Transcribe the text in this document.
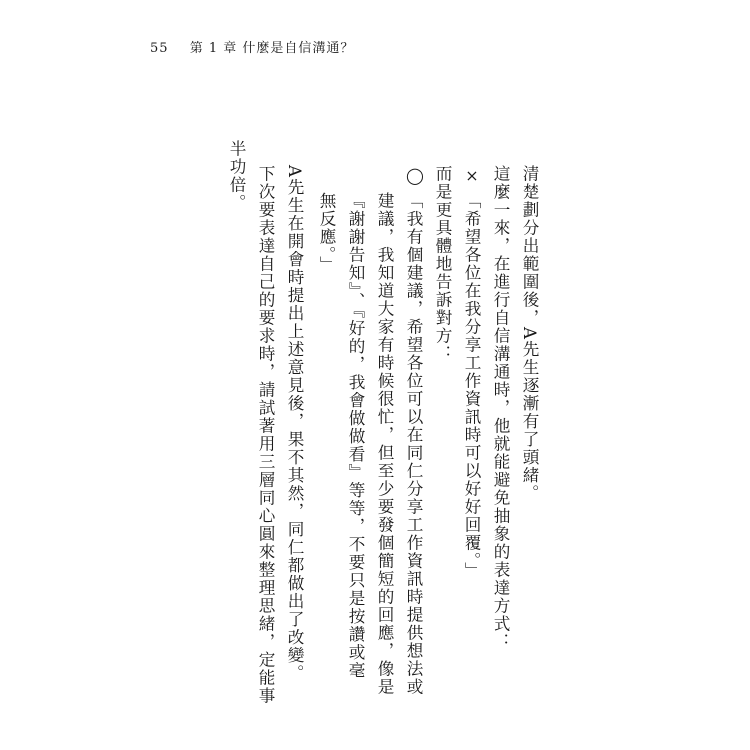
55 第 1 章 什麼是自信溝通？
清楚劃分出範圍後，A先生逐漸有了頭緒。
這麼一來，在進行自信溝通時，他就能避免抽象的表達方式：
×
「希望各位在我分享工作資訊時可以好好回覆。」
而是更具體地告訴對方：
◯
「我有個建議，希望各位可以在同仁分享工作資訊時提供想法或
建議，我知道大家有時候很忙，但至少要發個簡短的回應，像是
『謝謝告知』、『好的，我會做做看』等等，不要只是按讚或毫
無反應。」
A先生在開會時提出上述意見後，果不其然，同仁都做出了改變。
下次要表達自己的要求時，請試著用三層同心圓來整理思緒，定能事
半功倍。
